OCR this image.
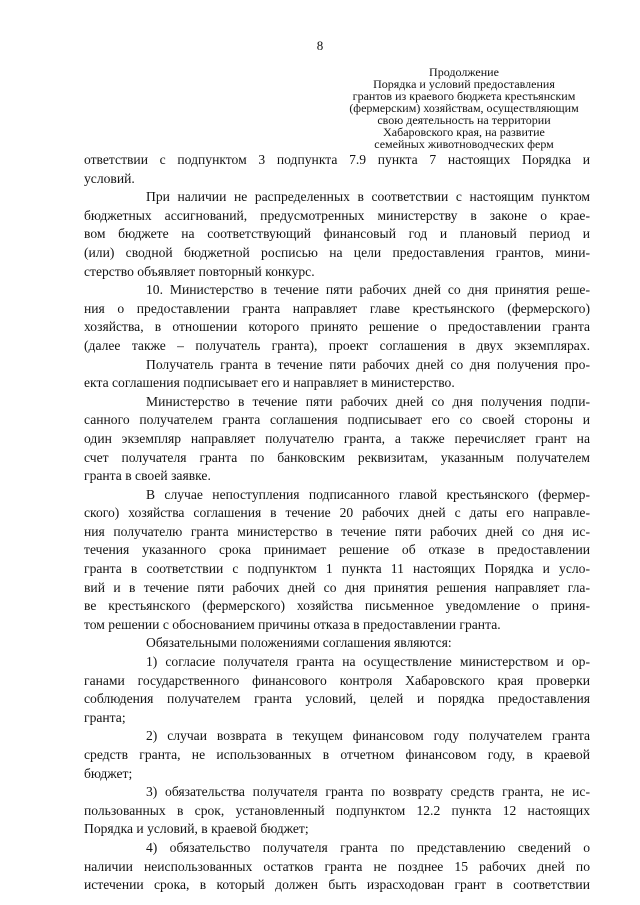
8
Продолжение
Порядка и условий предоставления
грантов из краевого бюджета крестьянским
(фермерским) хозяйствам, осуществляющим
свою деятельность на территории
Хабаровского края, на развитие
семейных животноводческих ферм

ответствии с подпунктом 3 подпункта 7.9 пункта 7 настоящих Порядка и

условий.

При наличии не распределенных в соответствии с настоящим пунктом

бюджетных ассигнований, предусмотренных министерству в законе о крае-

вом бюджете на соответствующий финансовый год и плановый период и

(или) сводной бюджетной росписью на цели предоставления грантов, мини-

стерство объявляет повторный конкурс.

10. Министерство в течение пяти рабочих дней со дня принятия реше-

ния о предоставлении гранта направляет главе крестьянского (фермерского)

хозяйства, в отношении которого принято решение о предоставлении гранта

(далее также – получатель гранта), проект соглашения в двух экземплярах.

Получатель гранта в течение пяти рабочих дней со дня получения про-

екта соглашения подписывает его и направляет в министерство.

Министерство в течение пяти рабочих дней со дня получения подпи-

санного получателем гранта соглашения подписывает его со своей стороны и

один экземпляр направляет получателю гранта, а также перечисляет грант на

счет получателя гранта по банковским реквизитам, указанным получателем

гранта в своей заявке.

В случае непоступления подписанного главой крестьянского (фермер-

ского) хозяйства соглашения в течение 20 рабочих дней с даты его направле-

ния получателю гранта министерство в течение пяти рабочих дней со дня ис-

течения указанного срока принимает решение об отказе в предоставлении

гранта в соответствии с подпунктом 1 пункта 11 настоящих Порядка и усло-

вий и в течение пяти рабочих дней со дня принятия решения направляет гла-

ве крестьянского (фермерского) хозяйства письменное уведомление о приня-

том решении с обоснованием причины отказа в предоставлении гранта.

Обязательными положениями соглашения являются:

1) согласие получателя гранта на осуществление министерством и ор-

ганами государственного финансового контроля Хабаровского края проверки

соблюдения получателем гранта условий, целей и порядка предоставления

гранта;

2) случаи возврата в текущем финансовом году получателем гранта

средств гранта, не использованных в отчетном финансовом году, в краевой

бюджет;

3) обязательства получателя гранта по возврату средств гранта, не ис-

пользованных в срок, установленный подпунктом 12.2 пункта 12 настоящих

Порядка и условий, в краевой бюджет;

4) обязательство получателя гранта по представлению сведений о

наличии неиспользованных остатков гранта не позднее 15 рабочих дней по

истечении срока, в который должен быть израсходован грант в соответствии
